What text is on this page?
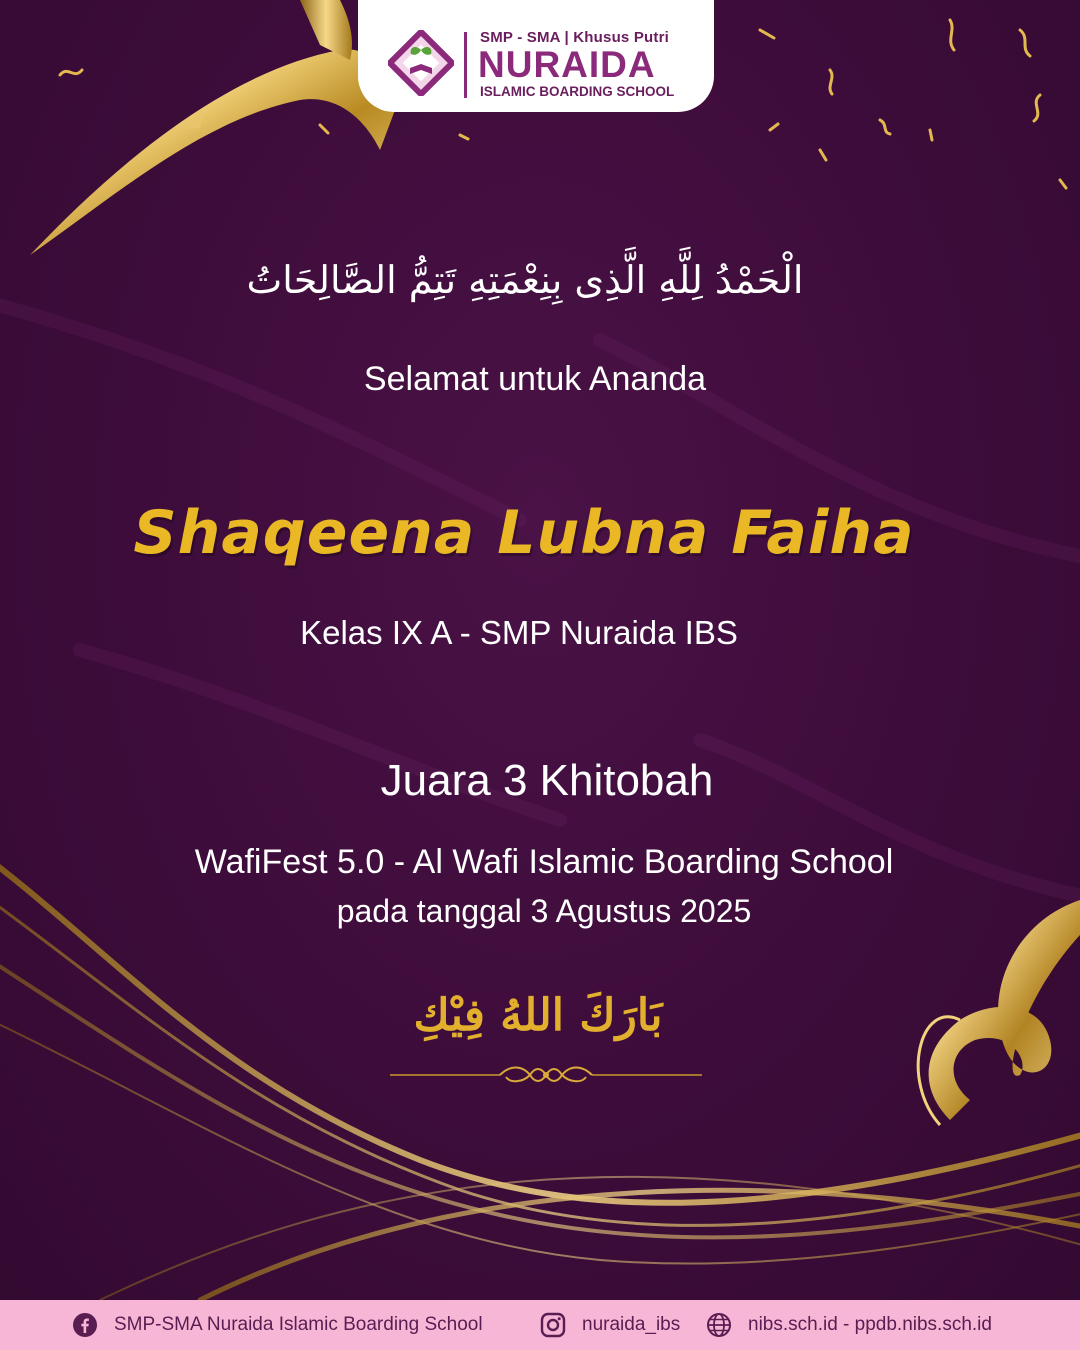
SMP - SMA | Khusus Putri
NURAIDA
ISLAMIC BOARDING SCHOOL
الْحَمْدُ لِلَّهِ الَّذِى بِنِعْمَتِهِ تَتِمُّ الصَّالِحَاتُ
Selamat untuk Ananda
Shaqeena Lubna Faiha
Kelas IX A - SMP Nuraida IBS
Juara 3 Khitobah
WafiFest 5.0 - Al Wafi Islamic Boarding School
pada tanggal 3 Agustus 2025
بَارَكَ اللهُ فِيْكِ
SMP-SMA Nuraida Islamic Boarding School	nuraida_ibs	nibs.sch.id - ppdb.nibs.sch.id
